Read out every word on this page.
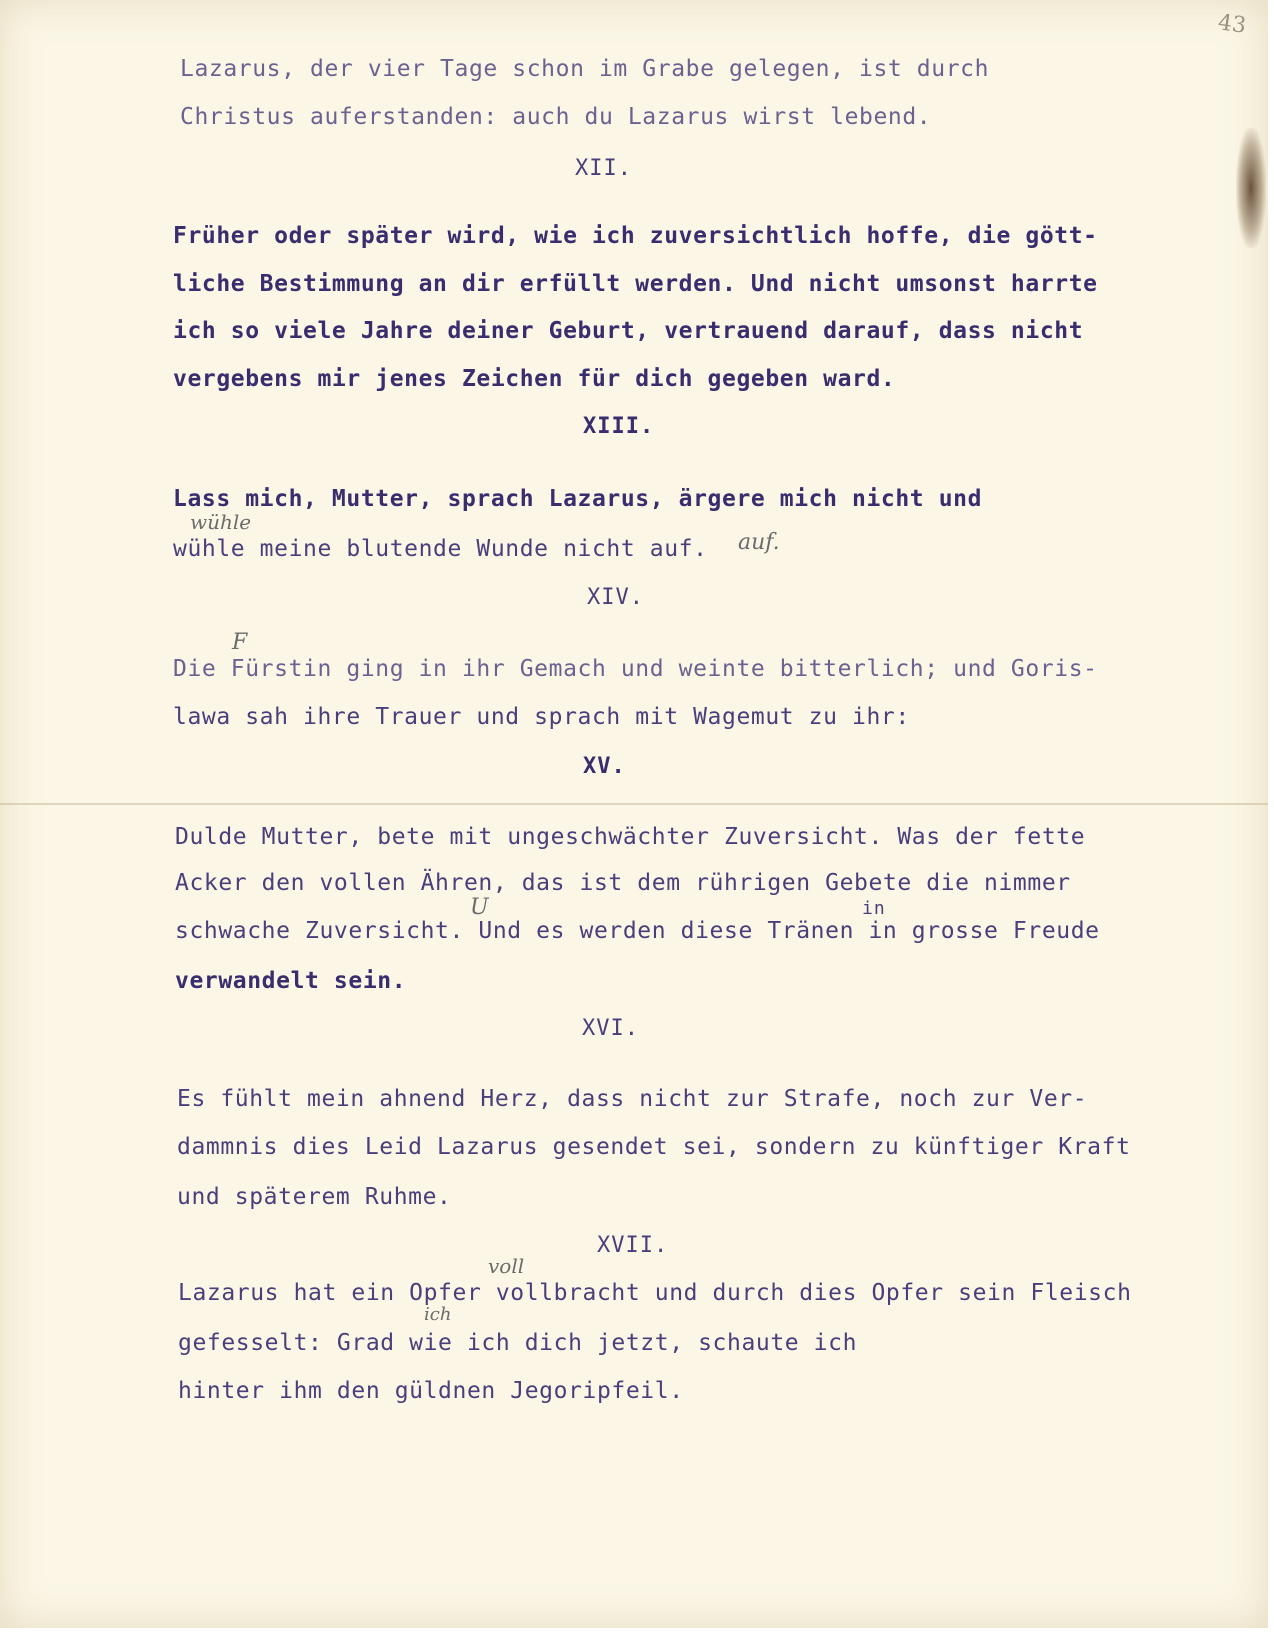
43

Lazarus, der vier Tage schon im Grabe gelegen, ist durch

Christus auferstanden: auch du Lazarus wirst lebend.

XII.

Früher oder später wird, wie ich zuversichtlich hoffe, die gött-

liche Bestimmung an dir erfüllt werden. Und nicht umsonst harrte

ich so viele Jahre deiner Geburt, vertrauend darauf, dass nicht

vergebens mir jenes Zeichen für dich gegeben ward.

XIII.

Lass mich, Mutter, sprach Lazarus, ärgere mich nicht und

wühle meine blutende Wunde nicht auf.

wühle
auf.

XIV.

F

Die Fürstin ging in ihr Gemach und weinte bitterlich; und Goris-

lawa sah ihre Trauer und sprach mit Wagemut zu ihr:

XV.

Dulde Mutter, bete mit ungeschwächter Zuversicht. Was der fette

Acker den vollen Ähren, das ist dem rührigen Gebete die nimmer

U	in

schwache Zuversicht. Und es werden diese Tränen in grosse Freude

verwandelt sein.

XVI.

Es fühlt mein ahnend Herz, dass nicht zur Strafe, noch zur Ver-

dammnis dies Leid Lazarus gesendet sei, sondern zu künftiger Kraft

und späterem Ruhme.

XVII.

voll

Lazarus hat ein Opfer vollbracht und durch dies Opfer sein Fleisch

ich

gefesselt: Grad wie ich dich jetzt, schaute ich

hinter ihm den güldnen Jegoripfeil.
